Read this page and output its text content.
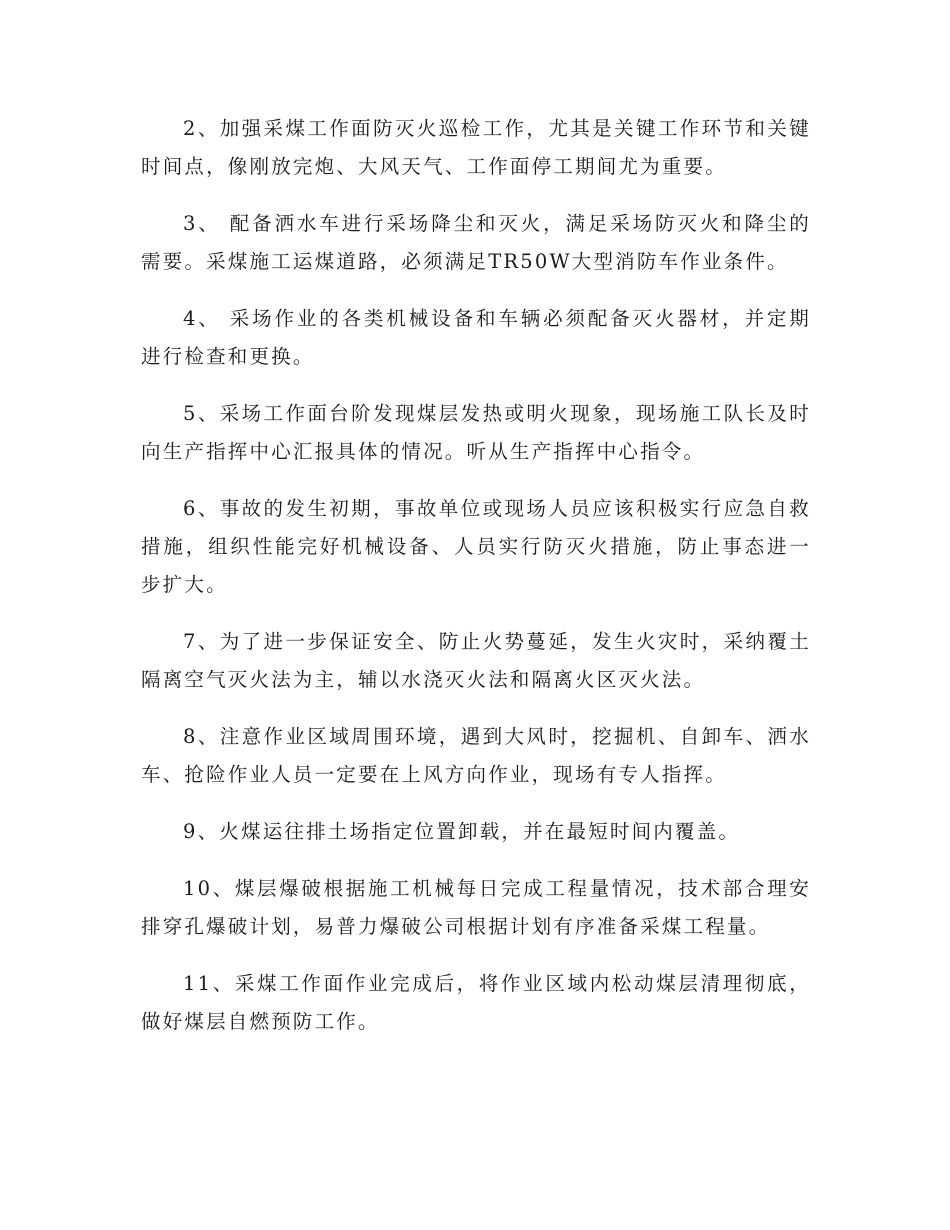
2、加强采煤工作面防灭火巡检工作，尤其是关键工作环节和关键时间点，像刚放完炮、大风天气、工作面停工期间尤为重要。

3、 配备洒水车进行采场降尘和灭火，满足采场防灭火和降尘的需要。采煤施工运煤道路，必须满足TR50W大型消防车作业条件。

4、 采场作业的各类机械设备和车辆必须配备灭火器材，并定期进行检查和更换。

5、采场工作面台阶发现煤层发热或明火现象，现场施工队长及时向生产指挥中心汇报具体的情况。听从生产指挥中心指令。

6、事故的发生初期，事故单位或现场人员应该积极实行应急自救措施，组织性能完好机械设备、人员实行防灭火措施，防止事态进一步扩大。

7、为了进一步保证安全、防止火势蔓延，发生火灾时，采纳覆土隔离空气灭火法为主，辅以水浇灭火法和隔离火区灭火法。

8、注意作业区域周围环境，遇到大风时，挖掘机、自卸车、洒水车、抢险作业人员一定要在上风方向作业，现场有专人指挥。

9、火煤运往排土场指定位置卸载，并在最短时间内覆盖。

10、煤层爆破根据施工机械每日完成工程量情况，技术部合理安排穿孔爆破计划，易普力爆破公司根据计划有序准备采煤工程量。

11、采煤工作面作业完成后，将作业区域内松动煤层清理彻底，做好煤层自燃预防工作。
